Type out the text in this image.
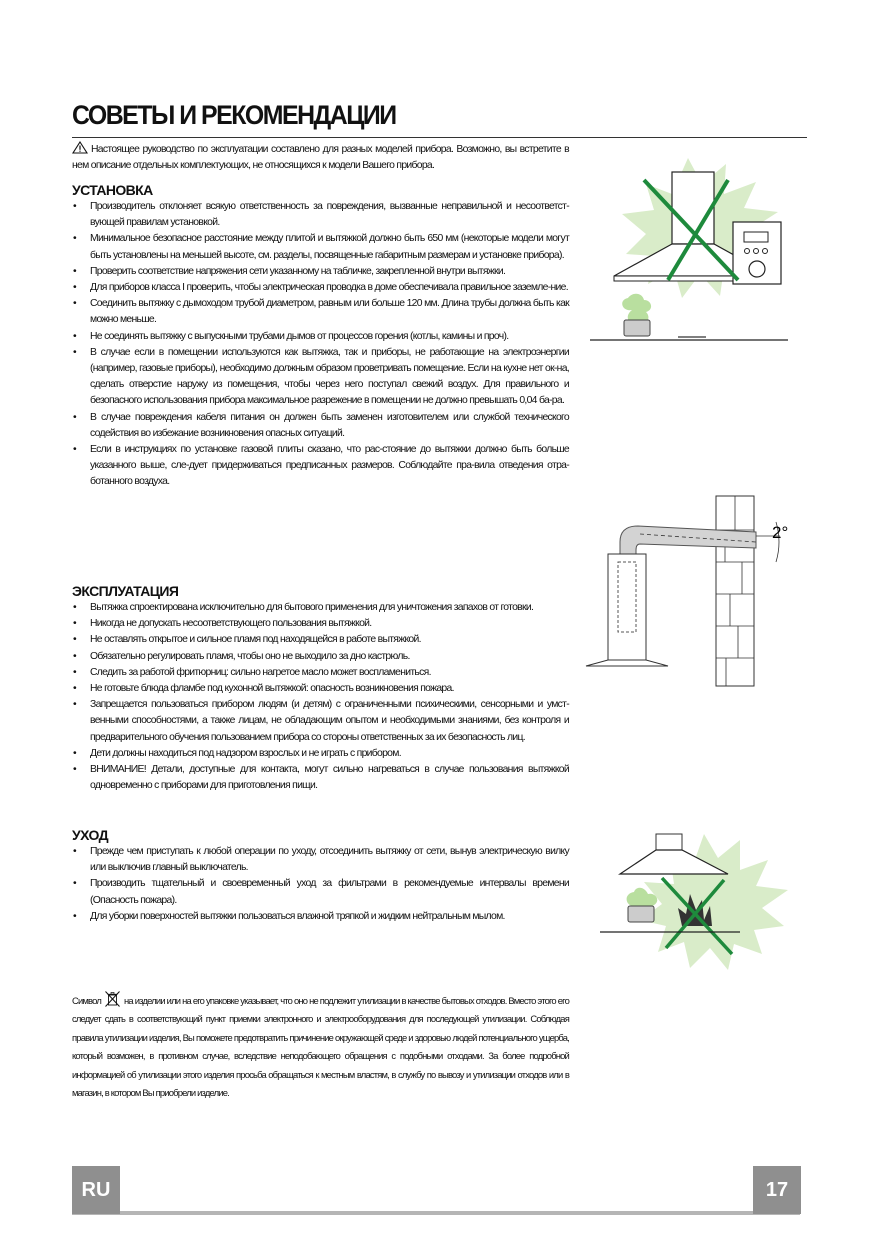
СОВЕТЫ И РЕКОМЕНДАЦИИ
Настоящее руководство по эксплуатации составлено для разных моделей прибора. Возможно, вы встретите в нем описание отдельных комплектующих, не относящихся к модели Вашего прибора.
УСТАНОВКА
• Производитель отклоняет всякую ответственность за повреждения, вызванные неправильной и несоответст-вующей правилам установкой.
• Минимальное безопасное расстояние между плитой и вытяжкой должно быть 650 мм (некоторые модели могут быть установлены на меньшей высоте, см. разделы, посвященные габаритным размерам и установке прибора).
• Проверить соответствие напряжения сети указанному на табличке, закрепленной внутри вытяжки.
• Для приборов класса I проверить, чтобы электрическая проводка в доме обеспечивала правильное заземле-ние.
• Соединить вытяжку с дымоходом трубой диаметром, равным или больше 120 мм. Длина трубы должна быть как можно меньше.
• Не соединять вытяжку с выпускными трубами дымов от процессов горения (котлы, камины и проч).
• В случае если в помещении используются как вытяжка, так и приборы, не работающие на электроэнергии (например, газовые приборы), необходимо должным образом проветривать помещение. Если на кухне нет ок-на, сделать отверстие наружу из помещения, чтобы через него поступал свежий воздух. Для правильного и безопасного использования прибора максимальное разрежение в помещении не должно превышать 0,04 ба-ра.
• В случае повреждения кабеля питания он должен быть заменен изготовителем или службой технического содействия во избежание возникновения опасных ситуаций.
• Если в инструкциях по установке газовой плиты сказано, что рас-стояние до вытяжки должно быть больше указанного выше, сле-дует придерживаться предписанных размеров. Соблюдайте пра-вила отведения отра-ботанного воздуха.
ЭКСПЛУАТАЦИЯ
• Вытяжка спроектирована исключительно для бытового применения для уничтожения запахов от готовки.
• Никогда не допускать несоответствующего пользования вытяжкой.
• Не оставлять открытое и сильное пламя под находящейся в работе вытяжкой.
• Обязательно регулировать пламя, чтобы оно не выходило за дно кастрюль.
• Следить за работой фритюрниц: сильно нагретое масло может воспламениться.
• Не готовьте блюда фламбе под кухонной вытяжкой: опасность возникновения пожара.
• Запрещается пользоваться прибором людям (и детям) с ограниченными психическими, сенсорными и умст-венными способностями, а также лицам, не обладающим опытом и необходимыми знаниями, без контроля и предварительного обучения пользованием прибора со стороны ответственных за их безопасность лиц.
• Дети должны находиться под надзором взрослых и не играть с прибором.
• ВНИМАНИЕ! Детали, доступные для контакта, могут сильно нагреваться в случае пользования вытяжкой одновременно с приборами для приготовления пищи.
УХОД
• Прежде чем приступать к любой операции по уходу, отсоединить вытяжку от сети, вынув электрическую вилку или выключив главный выключатель.
• Производить тщательный и своевременный уход за фильтрами в рекомендуемые интервалы времени (Опасность пожара).
• Для уборки поверхностей вытяжки пользоваться влажной тряпкой и жидким нейтральным мылом.
Символ на изделии или на его упаковке указывает, что оно не подлежит утилизации в качестве бытовых отходов. Вместо этого его следует сдать в соответствующий пункт приемки электронного и электрооборудования для последующей утилизации. Соблюдая правила утилизации изделия, Вы поможете предотвратить причинение окружающей среде и здоровью людей потенциального ущерба, который возможен, в противном случае, вследствие неподобающего обращения с подобными отходами. За более подробной информацией об утилизации этого изделия просьба обращаться к местным властям, в службу по вывозу и утилизации отходов или в магазин, в котором Вы приобрели изделие.
2°
RU	17
